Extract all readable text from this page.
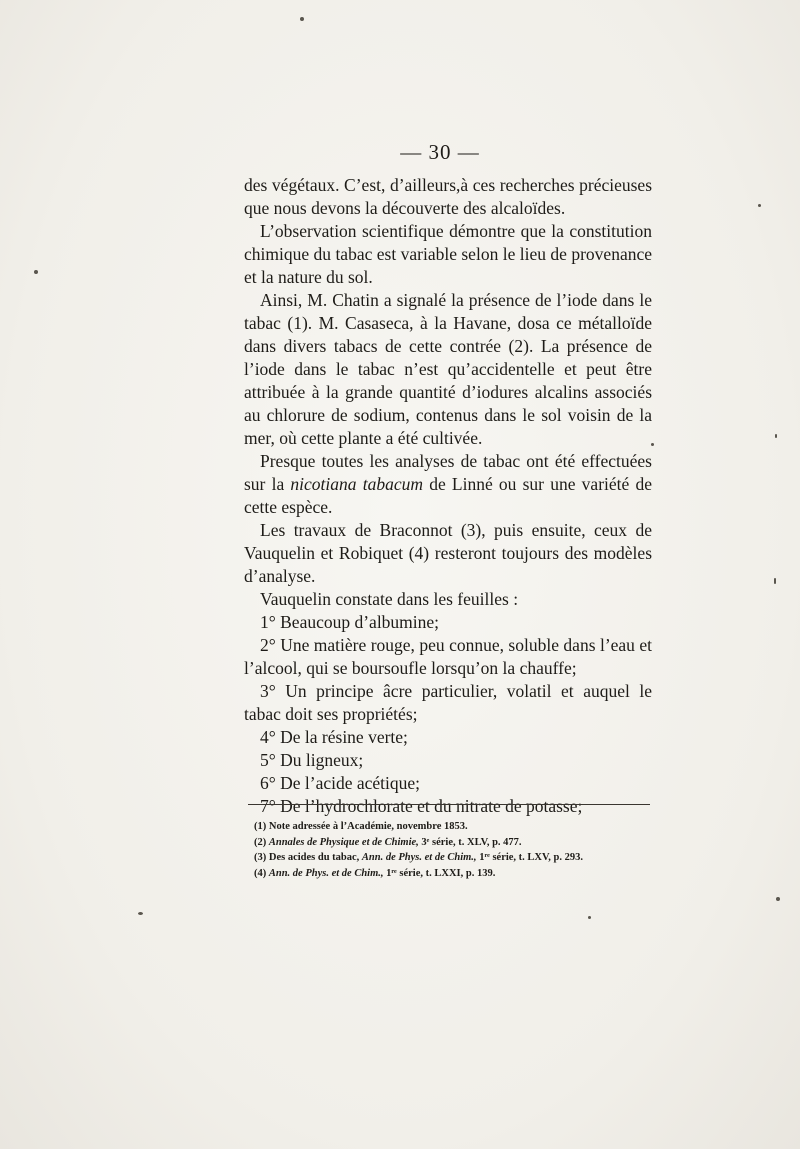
— 30 —

des végétaux. C’est, d’ailleurs,à ces recherches précieuses que nous devons la découverte des alcaloïdes.

L’observation scientifique démontre que la constitution chimique du tabac est variable selon le lieu de provenance et la nature du sol.

Ainsi, M. Chatin a signalé la présence de l’iode dans le tabac (1). M. Casaseca, à la Havane, dosa ce métalloïde dans divers tabacs de cette contrée (2). La présence de l’iode dans le tabac n’est qu’accidentelle et peut être attribuée à la grande quantité d’iodures alcalins associés au chlorure de sodium, contenus dans le sol voisin de la mer, où cette plante a été cultivée.

Presque toutes les analyses de tabac ont été effectuées sur la nicotiana tabacum de Linné ou sur une variété de cette espèce.

Les travaux de Braconnot (3), puis ensuite, ceux de Vauquelin et Robiquet (4) resteront toujours des modèles d’analyse.

Vauquelin constate dans les feuilles :

1° Beaucoup d’albumine;

2° Une matière rouge, peu connue, soluble dans l’eau et l’alcool, qui se boursoufle lorsqu’on la chauffe;

3° Un principe âcre particulier, volatil et auquel le tabac doit ses propriétés;

4° De la résine verte;

5° Du ligneux;

6° De l’acide acétique;

7° De l’hydrochlorate et du nitrate de potasse;

(1) Note adressée à l’Académie, novembre 1853.
(2) Annales de Physique et de Chimie, 3ᵉ série, t. XLV, p. 477.
(3) Des acides du tabac, Ann. de Phys. et de Chim., 1ʳᵉ série, t. LXV, p. 293.
(4) Ann. de Phys. et de Chim., 1ʳᵉ série, t. LXXI, p. 139.
